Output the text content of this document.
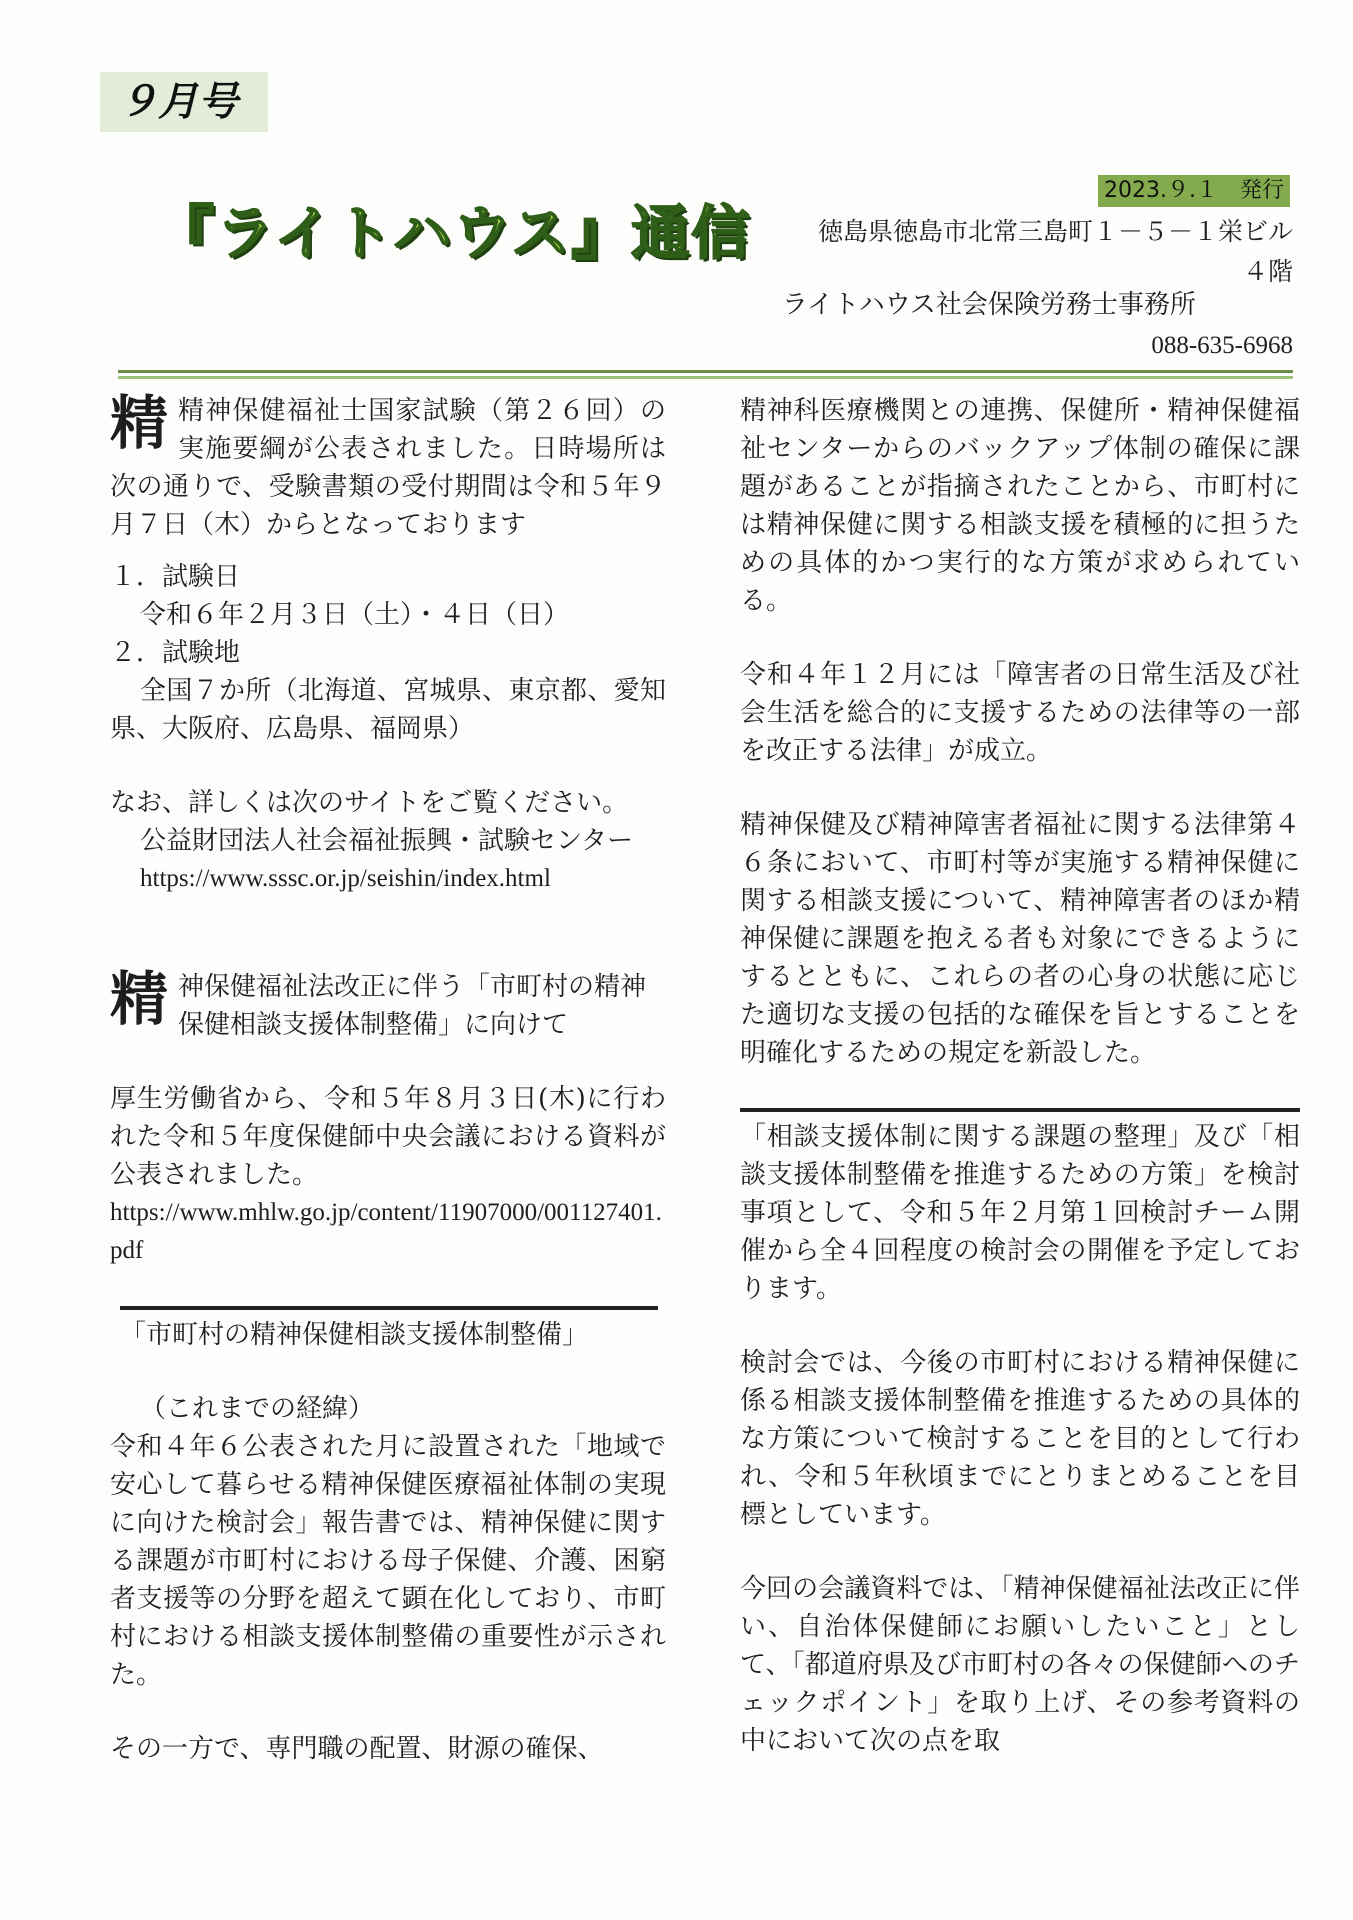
９月号
『ライトハウス』通信
2023.９.１　発行
徳島県徳島市北常三島町１－５－１栄ビル
４階
ライトハウス社会保険労務士事務所
088-635-6968
精 精神保健福祉士国家試験（第２６回）の実施要綱が公表されました。日時場所は次の通りで、受験書類の受付期間は令和５年９月７日（木）からとなっております

１．試験日

令和６年２月３日（土）・４日（日）

２．試験地

全国７か所（北海道、宮城県、東京都、愛知県、大阪府、広島県、福岡県）

なお、詳しくは次のサイトをご覧ください。

公益財団法人社会福祉振興・試験センター

https://www.sssc.or.jp/seishin/index.html

精 神保健福祉法改正に伴う「市町村の精神保健相談支援体制整備」に向けて

厚生労働省から、令和５年８月３日(木)に行われた令和５年度保健師中央会議における資料が公表されました。

https://www.mhlw.go.jp/content/11907000/001127401.pdf

「市町村の精神保健相談支援体制整備」

（これまでの経緯）

令和４年６公表された月に設置された「地域で安心して暮らせる精神保健医療福祉体制の実現に向けた検討会」報告書では、精神保健に関する課題が市町村における母子保健、介護、困窮者支援等の分野を超えて顕在化しており、市町村における相談支援体制整備の重要性が示された。

その一方で、専門職の配置、財源の確保、

精神科医療機関との連携、保健所・精神保健福祉センターからのバックアップ体制の確保に課題があることが指摘されたことから、市町村には精神保健に関する相談支援を積極的に担うための具体的かつ実行的な方策が求められている。

令和４年１２月には「障害者の日常生活及び社会生活を総合的に支援するための法律等の一部を改正する法律」が成立。

精神保健及び精神障害者福祉に関する法律第４６条において、市町村等が実施する精神保健に関する相談支援について、精神障害者のほか精神保健に課題を抱える者も対象にできるようにするとともに、これらの者の心身の状態に応じた適切な支援の包括的な確保を旨とすることを明確化するための規定を新設した。

「相談支援体制に関する課題の整理」及び「相談支援体制整備を推進するための方策」を検討事項として、令和５年２月第１回検討チーム開催から全４回程度の検討会の開催を予定しております。

検討会では、今後の市町村における精神保健に係る相談支援体制整備を推進するための具体的な方策について検討することを目的として行われ、令和５年秋頃までにとりまとめることを目標としています。

今回の会議資料では、「精神保健福祉法改正に伴い、自治体保健師にお願いしたいこと」として、「都道府県及び市町村の各々の保健師へのチェックポイント」を取り上げ、その参考資料の中において次の点を取
